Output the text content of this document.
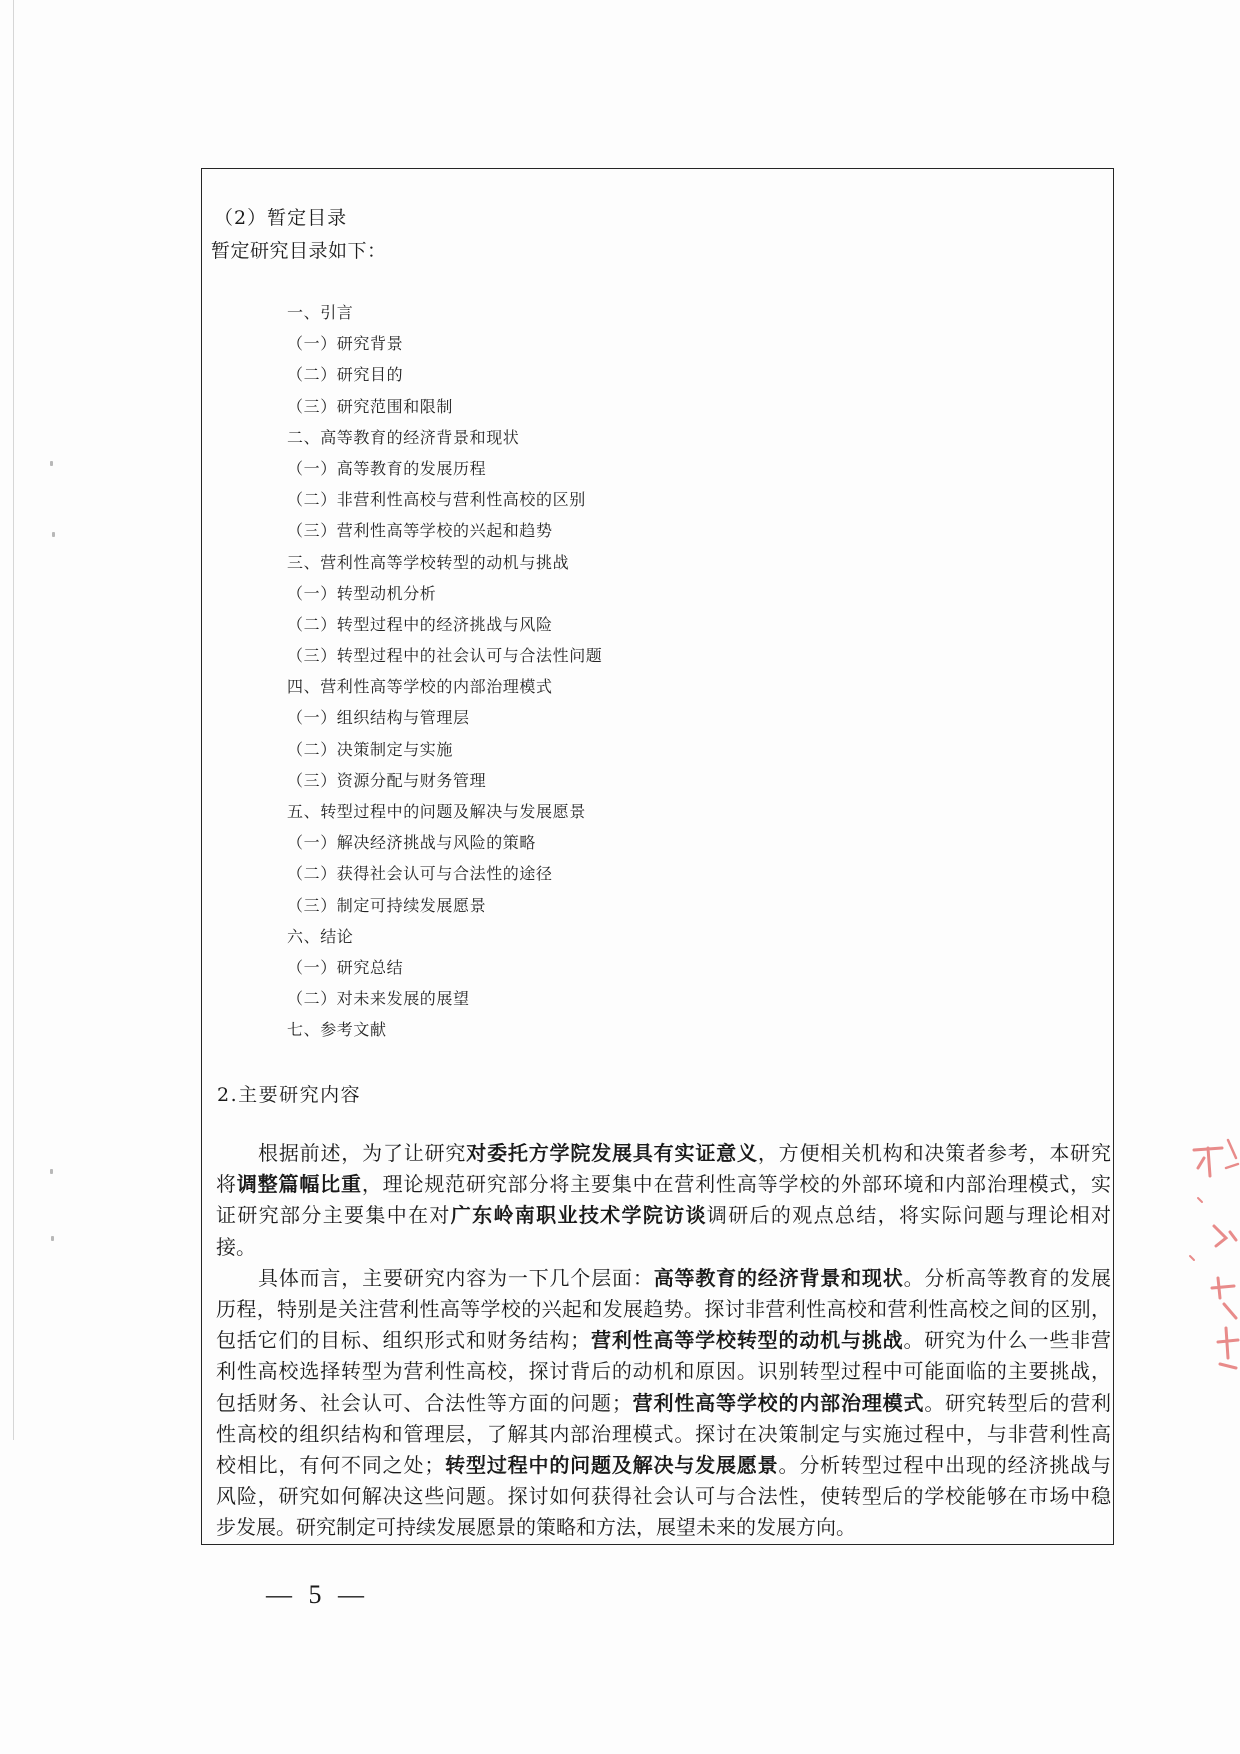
（2）暂定目录
暂定研究目录如下：
一、引言
（一）研究背景
（二）研究目的
（三）研究范围和限制
二、高等教育的经济背景和现状
（一）高等教育的发展历程
（二）非营利性高校与营利性高校的区别
（三）营利性高等学校的兴起和趋势
三、营利性高等学校转型的动机与挑战
（一）转型动机分析
（二）转型过程中的经济挑战与风险
（三）转型过程中的社会认可与合法性问题
四、营利性高等学校的内部治理模式
（一）组织结构与管理层
（二）决策制定与实施
（三）资源分配与财务管理
五、转型过程中的问题及解决与发展愿景
（一）解决经济挑战与风险的策略
（二）获得社会认可与合法性的途径
（三）制定可持续发展愿景
六、结论
（一）研究总结
（二）对未来发展的展望
七、参考文献
2.主要研究内容
根据前述，为了让研究对委托方学院发展具有实证意义，方便相关机构和决策者参考，本研究
将调整篇幅比重，理论规范研究部分将主要集中在营利性高等学校的外部环境和内部治理模式，实
证研究部分主要集中在对广东岭南职业技术学院访谈调研后的观点总结，将实际问题与理论相对
接。
具体而言，主要研究内容为一下几个层面：高等教育的经济背景和现状。分析高等教育的发展
历程，特别是关注营利性高等学校的兴起和发展趋势。探讨非营利性高校和营利性高校之间的区别，
包括它们的目标、组织形式和财务结构；营利性高等学校转型的动机与挑战。研究为什么一些非营
利性高校选择转型为营利性高校，探讨背后的动机和原因。识别转型过程中可能面临的主要挑战，
包括财务、社会认可、合法性等方面的问题；营利性高等学校的内部治理模式。研究转型后的营利
性高校的组织结构和管理层，了解其内部治理模式。探讨在决策制定与实施过程中，与非营利性高
校相比，有何不同之处；转型过程中的问题及解决与发展愿景。分析转型过程中出现的经济挑战与
风险，研究如何解决这些问题。探讨如何获得社会认可与合法性，使转型后的学校能够在市场中稳
步发展。研究制定可持续发展愿景的策略和方法，展望未来的发展方向。
— 5 —
